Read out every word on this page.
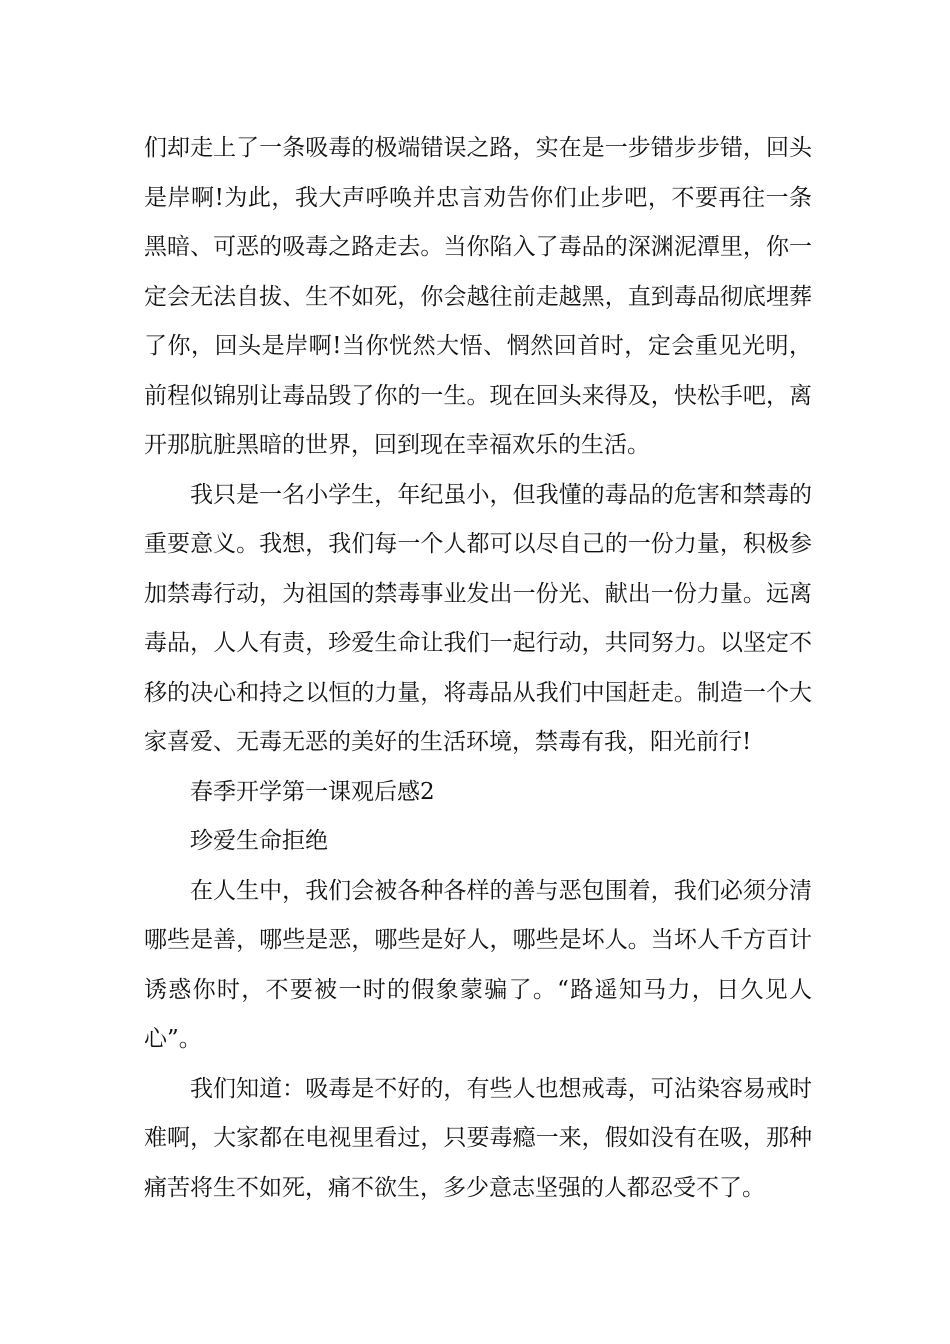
们却走上了一条吸毒的极端错误之路，实在是一步错步步错，回头是岸啊!为此，我大声呼唤并忠言劝告你们止步吧，不要再往一条黑暗、可恶的吸毒之路走去。当你陷入了毒品的深渊泥潭里，你一定会无法自拔、生不如死，你会越往前走越黑，直到毒品彻底埋葬了你，回头是岸啊!当你恍然大悟、惘然回首时，定会重见光明，前程似锦别让毒品毁了你的一生。现在回头来得及，快松手吧，离开那肮脏黑暗的世界，回到现在幸福欢乐的生活。

我只是一名小学生，年纪虽小，但我懂的毒品的危害和禁毒的重要意义。我想，我们每一个人都可以尽自己的一份力量，积极参加禁毒行动，为祖国的禁毒事业发出一份光、献出一份力量。远离毒品，人人有责，珍爱生命让我们一起行动，共同努力。以坚定不移的决心和持之以恒的力量，将毒品从我们中国赶走。制造一个大家喜爱、无毒无恶的美好的生活环境，禁毒有我，阳光前行!

春季开学第一课观后感2

珍爱生命拒绝

在人生中，我们会被各种各样的善与恶包围着，我们必须分清哪些是善，哪些是恶，哪些是好人，哪些是坏人。当坏人千方百计诱惑你时，不要被一时的假象蒙骗了。“路遥知马力，日久见人心”。

我们知道：吸毒是不好的，有些人也想戒毒，可沾染容易戒时难啊，大家都在电视里看过，只要毒瘾一来，假如没有在吸，那种痛苦将生不如死，痛不欲生，多少意志坚强的人都忍受不了。
